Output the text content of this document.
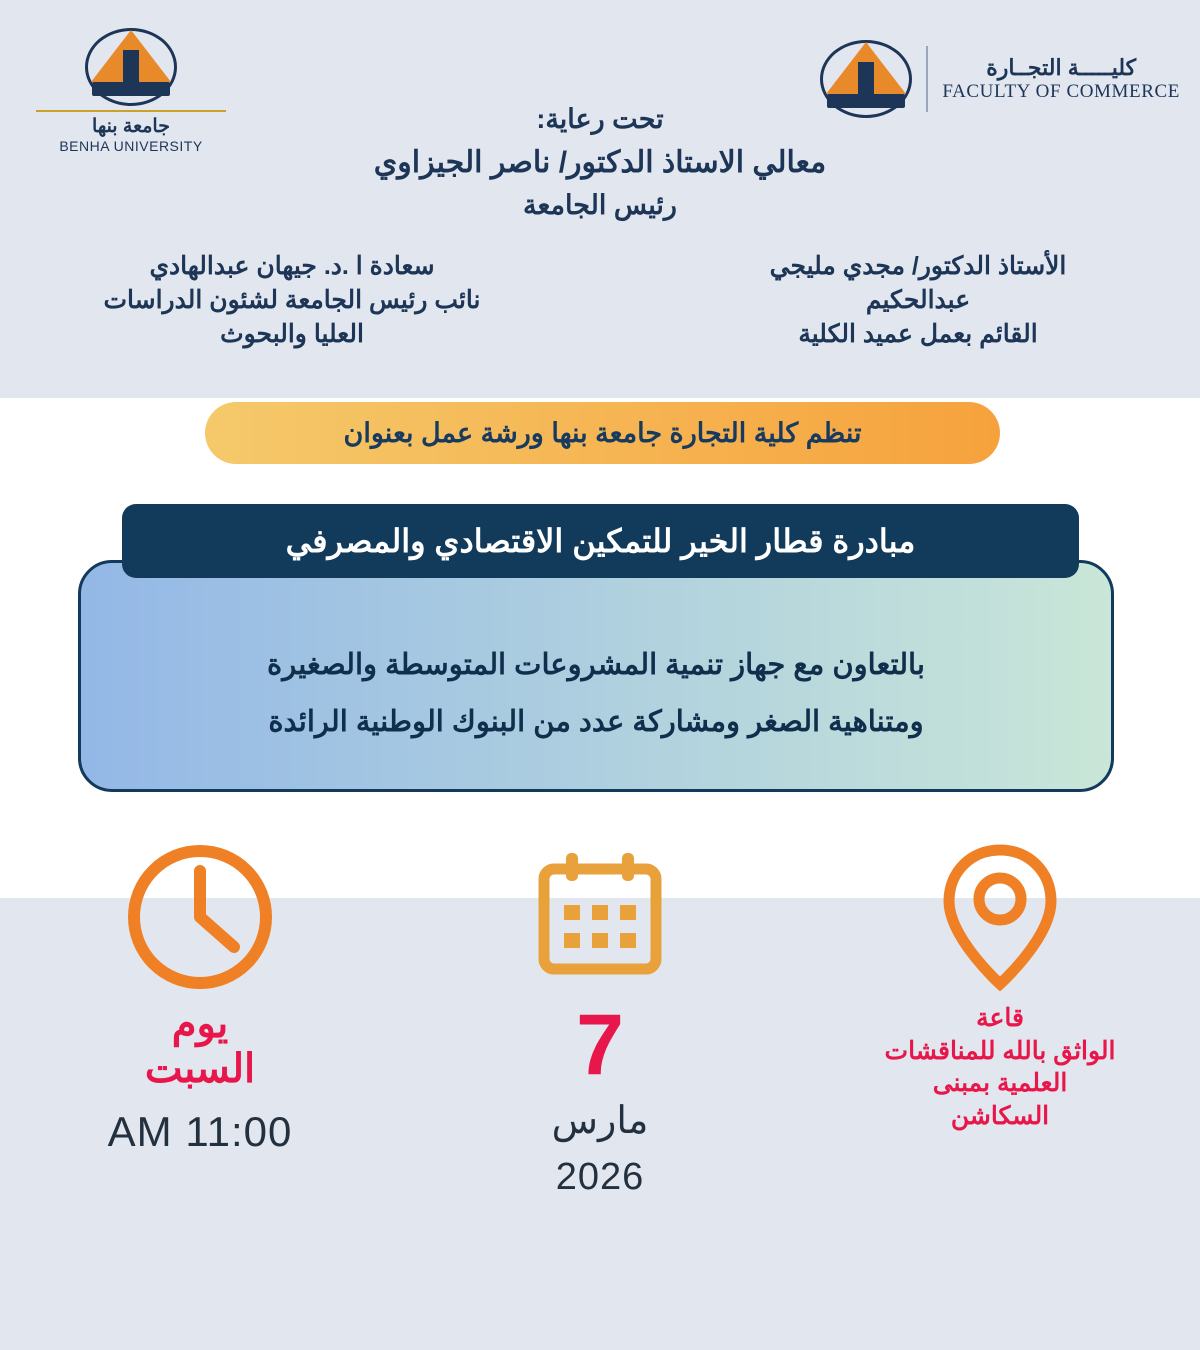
جامعة بنها
BENHA UNIVERSITY
كليـــــة التجــارة
FACULTY OF COMMERCE
تحت رعاية:
معالي الاستاذ الدكتور/ ناصر الجيزاوي
رئيس الجامعة
الأستاذ الدكتور/ مجدي مليجي
عبدالحكيم
القائم بعمل عميد الكلية
سعادة ا .د. جيهان عبدالهادي
نائب رئيس الجامعة لشئون الدراسات
العليا والبحوث
تنظم كلية التجارة جامعة بنها ورشة عمل بعنوان
بالتعاون مع جهاز تنمية المشروعات المتوسطة والصغيرة
ومتناهية الصغر ومشاركة عدد من البنوك الوطنية الرائدة
مبادرة قطار الخير للتمكين الاقتصادي والمصرفي
قاعة
الواثق بالله للمناقشات
العلمية بمبنى
السكاشن
7
مارس
2026
يوم
السبت
11:00 AM
